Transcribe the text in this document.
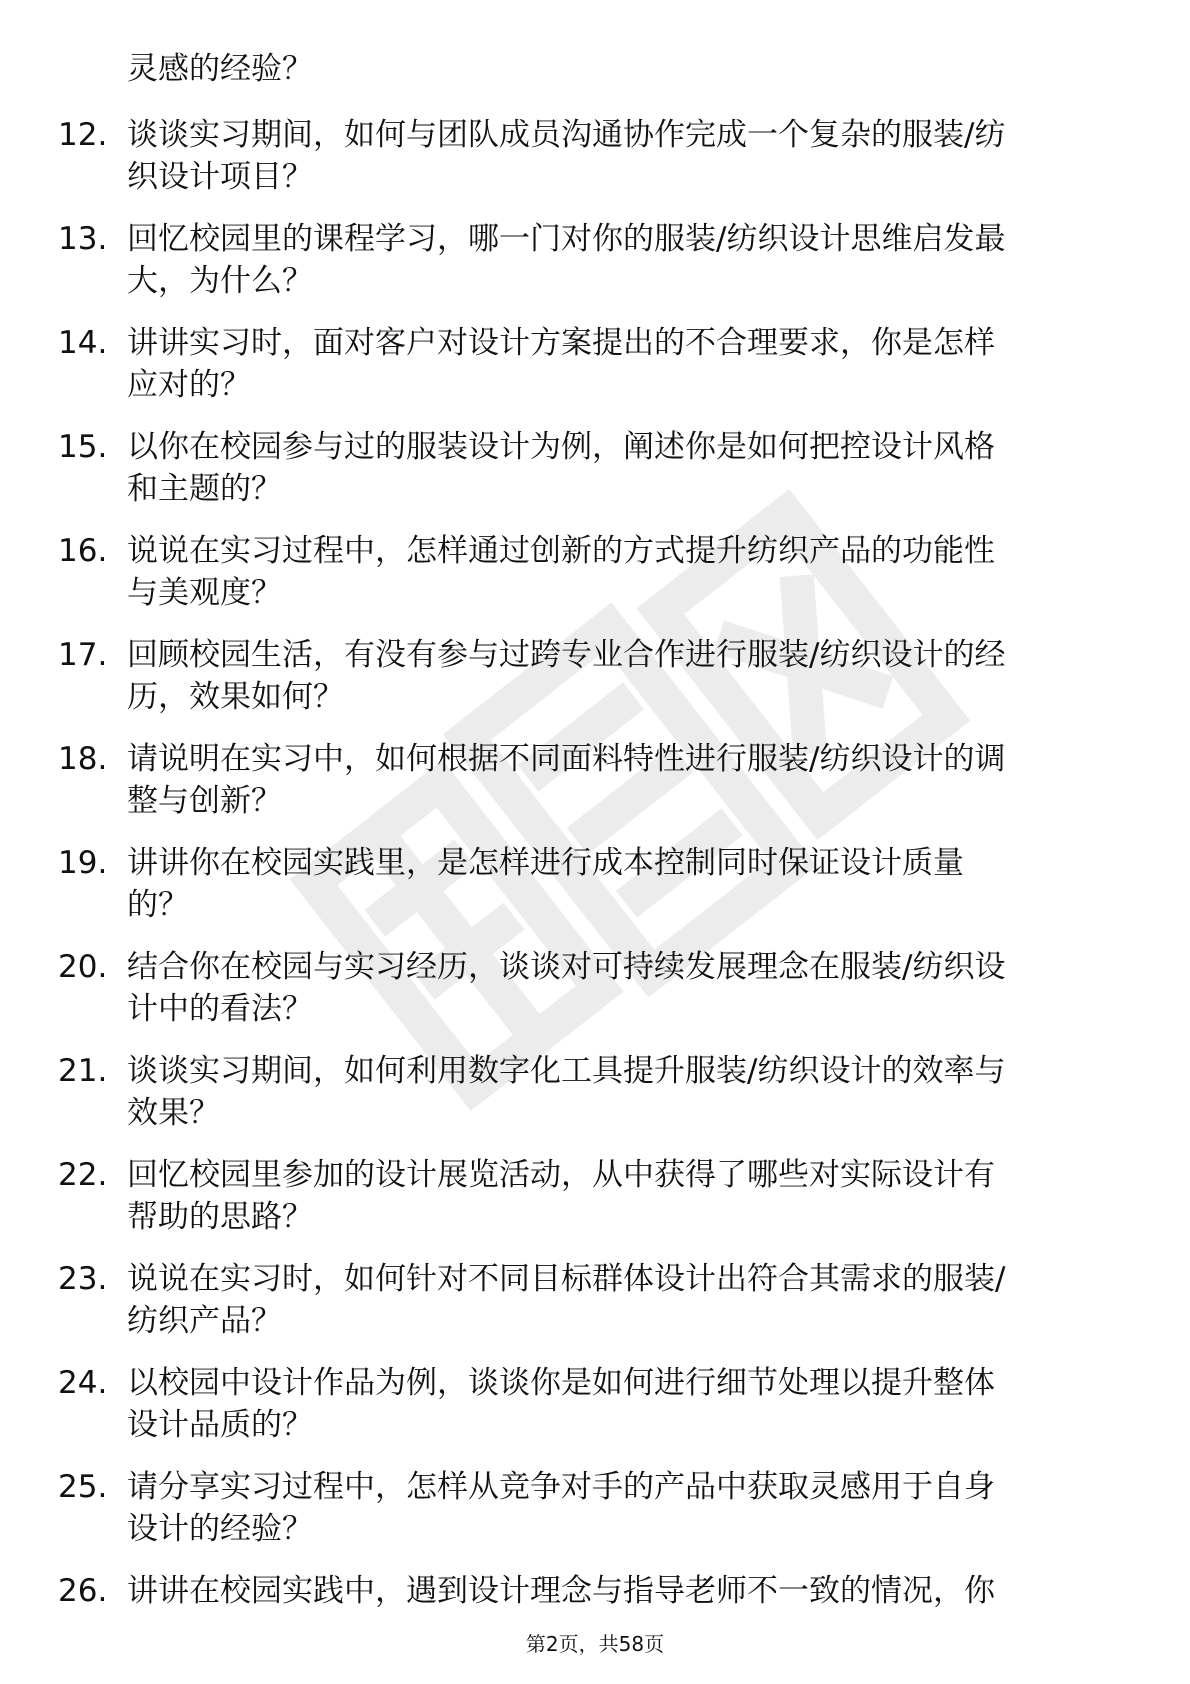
灵感的经验？
12. 谈谈实习期间，如何与团队成员沟通协作完成一个复杂的服装/纺
织设计项目？
13. 回忆校园里的课程学习，哪一门对你的服装/纺织设计思维启发最
大，为什么？
14. 讲讲实习时，面对客户对设计方案提出的不合理要求，你是怎样
应对的？
15. 以你在校园参与过的服装设计为例，阐述你是如何把控设计风格
和主题的？
16. 说说在实习过程中，怎样通过创新的方式提升纺织产品的功能性
与美观度？
17. 回顾校园生活，有没有参与过跨专业合作进行服装/纺织设计的经
历，效果如何？
18. 请说明在实习中，如何根据不同面料特性进行服装/纺织设计的调
整与创新？
19. 讲讲你在校园实践里，是怎样进行成本控制同时保证设计质量
的？
20. 结合你在校园与实习经历，谈谈对可持续发展理念在服装/纺织设
计中的看法？
21. 谈谈实习期间，如何利用数字化工具提升服装/纺织设计的效率与
效果？
22. 回忆校园里参加的设计展览活动，从中获得了哪些对实际设计有
帮助的思路？
23. 说说在实习时，如何针对不同目标群体设计出符合其需求的服装/
纺织产品？
24. 以校园中设计作品为例，谈谈你是如何进行细节处理以提升整体
设计品质的？
25. 请分享实习过程中，怎样从竞争对手的产品中获取灵感用于自身
设计的经验？
26. 讲讲在校园实践中，遇到设计理念与指导老师不一致的情况，你
第2页，共58页
